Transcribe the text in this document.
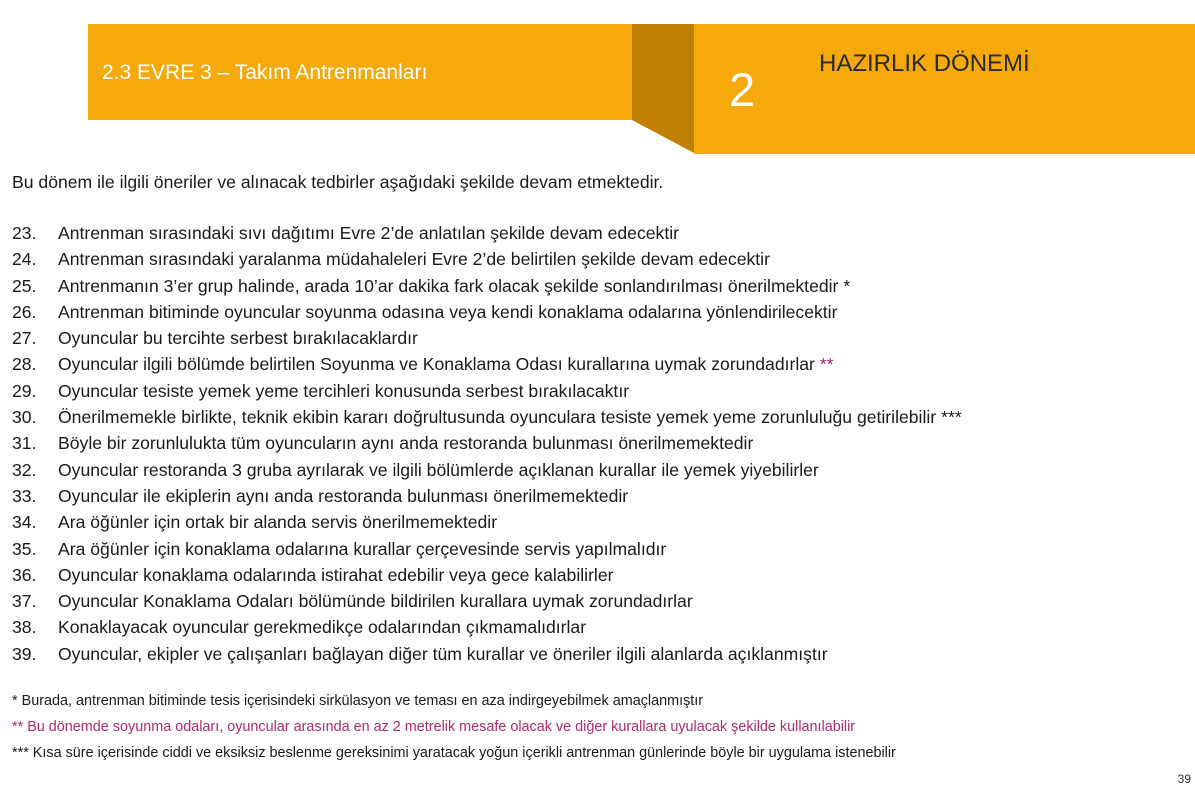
2.3 EVRE 3 – Takım Antrenmanları	2	HAZIRLIK DÖNEMİ
Bu dönem ile ilgili öneriler ve alınacak tedbirler aşağıdaki şekilde devam etmektedir.
23.	Antrenman sırasındaki sıvı dağıtımı Evre 2’de anlatılan şekilde devam edecektir
24.	Antrenman sırasındaki yaralanma müdahaleleri Evre 2’de belirtilen şekilde devam edecektir
25.	Antrenmanın 3’er grup halinde, arada 10’ar dakika fark olacak şekilde sonlandırılması önerilmektedir *
26.	Antrenman bitiminde oyuncular soyunma odasına veya kendi konaklama odalarına yönlendirilecektir
27.	Oyuncular bu tercihte serbest bırakılacaklardır
28.	Oyuncular ilgili bölümde belirtilen Soyunma ve Konaklama Odası kurallarına uymak zorundadırlar **
29.	Oyuncular tesiste yemek yeme tercihleri konusunda serbest bırakılacaktır
30.	Önerilmemekle birlikte, teknik ekibin kararı doğrultusunda oyunculara tesiste yemek yeme zorunluluğu getirilebilir ***
31.	Böyle bir zorunlulukta tüm oyuncuların aynı anda restoranda bulunması önerilmemektedir
32.	Oyuncular restoranda 3 gruba ayrılarak ve ilgili bölümlerde açıklanan kurallar ile yemek yiyebilirler
33.	Oyuncular ile ekiplerin aynı anda restoranda bulunması önerilmemektedir
34.	Ara öğünler için ortak bir alanda servis önerilmemektedir
35.	Ara öğünler için konaklama odalarına kurallar çerçevesinde servis yapılmalıdır
36.	Oyuncular konaklama odalarında istirahat edebilir veya gece kalabilirler
37.	Oyuncular Konaklama Odaları bölümünde bildirilen kurallara uymak zorundadırlar
38.	Konaklayacak oyuncular gerekmedikçe odalarından çıkmamalıdırlar
39.	Oyuncular, ekipler ve çalışanları bağlayan diğer tüm kurallar ve öneriler ilgili alanlarda açıklanmıştır
* Burada, antrenman bitiminde tesis içerisindeki sirkülasyon ve teması en aza indirgeyebilmek amaçlanmıştır
** Bu dönemde soyunma odaları, oyuncular arasında en az 2 metrelik mesafe olacak ve diğer kurallara uyulacak şekilde kullanılabilir
*** Kısa süre içerisinde ciddi ve eksiksiz beslenme gereksinimi yaratacak yoğun içerikli antrenman günlerinde böyle bir uygulama istenebilir
39
